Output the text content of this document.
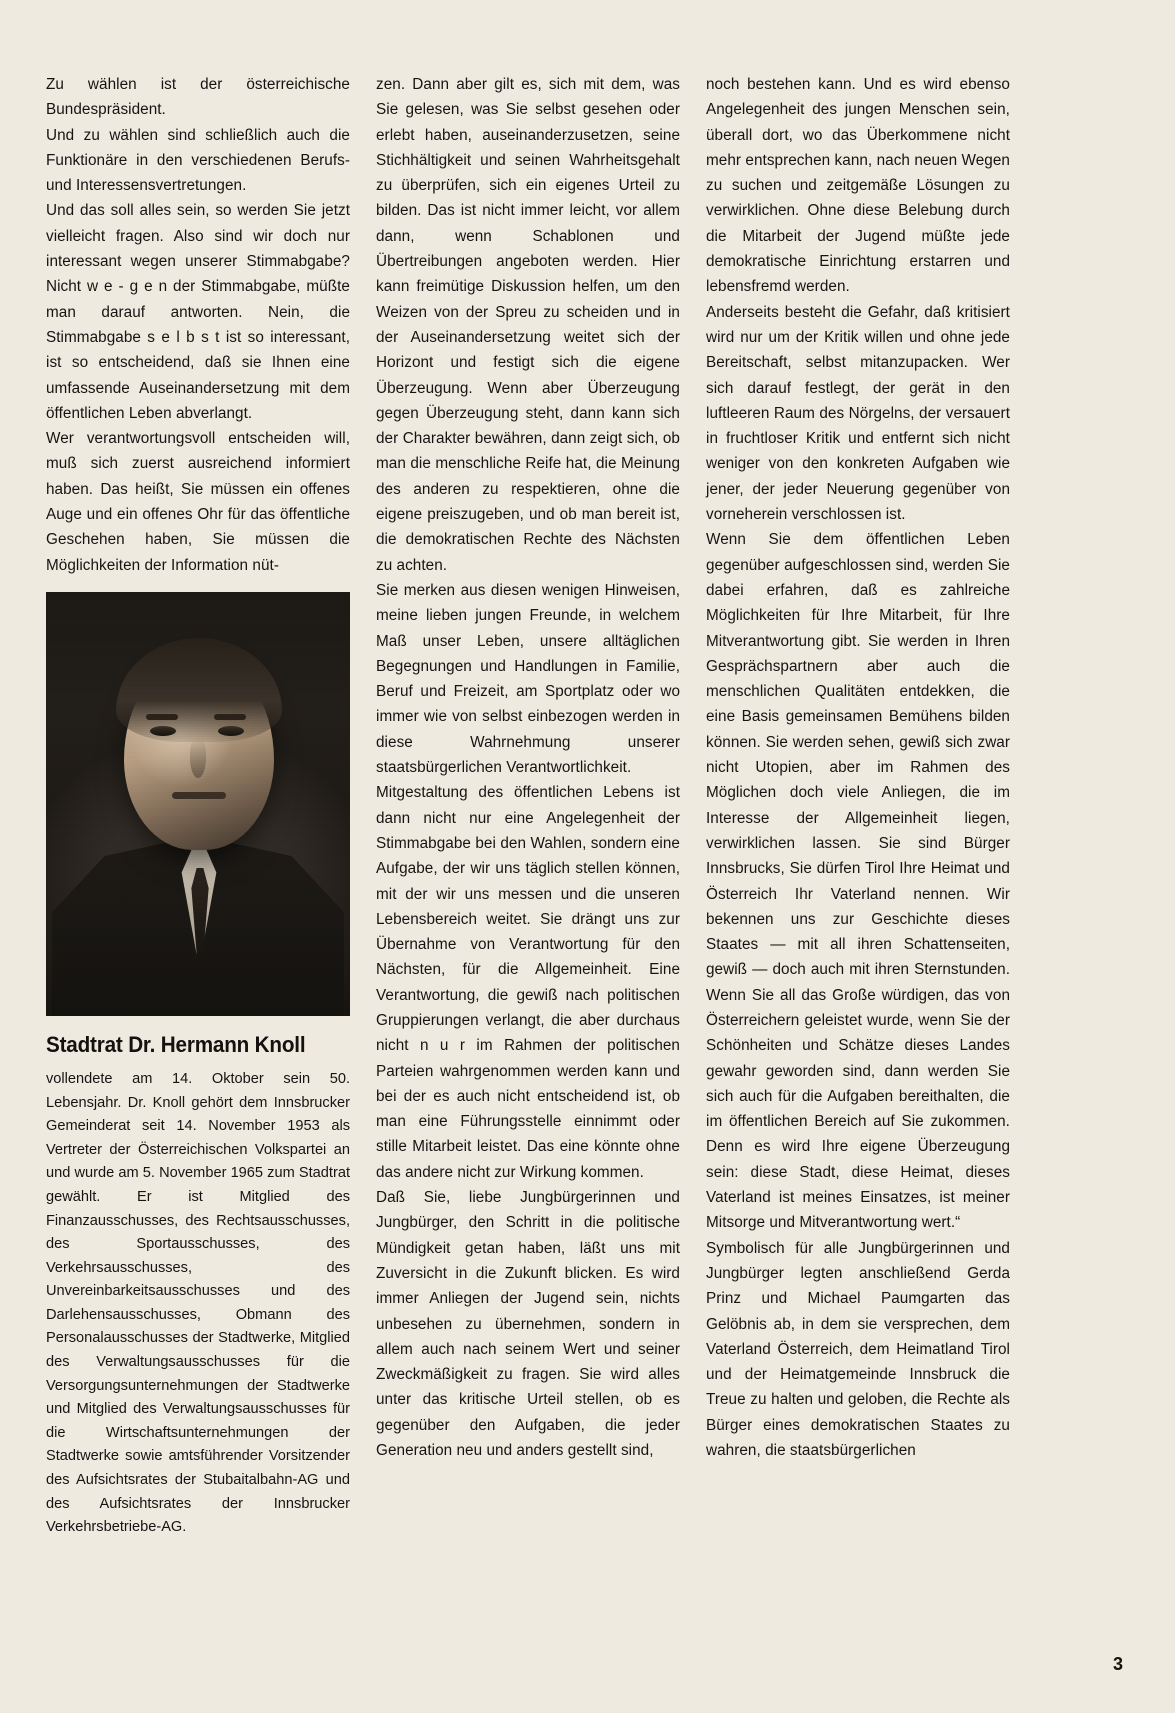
Zu wählen ist der österreichische Bundespräsident.

Und zu wählen sind schließlich auch die Funktionäre in den verschiedenen Berufs- und Interessensvertretungen.

Und das soll alles sein, so werden Sie jetzt vielleicht fragen. Also sind wir doch nur interessant wegen unserer Stimmabgabe? Nicht w e - g e n der Stimmabgabe, müßte man darauf antworten. Nein, die Stimmabgabe s e l b s t ist so interessant, ist so entscheidend, daß sie Ihnen eine umfassende Auseinandersetzung mit dem öffentlichen Leben abverlangt.

Wer verantwortungsvoll entscheiden will, muß sich zuerst ausreichend informiert haben. Das heißt, Sie müssen ein offenes Auge und ein offenes Ohr für das öffentliche Geschehen haben, Sie müssen die Möglichkeiten der Information nüt-

Stadtrat Dr. Hermann Knoll

vollendete am 14. Oktober sein 50. Lebensjahr. Dr. Knoll gehört dem Innsbrucker Gemeinderat seit 14. November 1953 als Vertreter der Österreichischen Volkspartei an und wurde am 5. November 1965 zum Stadtrat gewählt. Er ist Mitglied des Finanzausschusses, des Rechtsausschusses, des Sportausschusses, des Verkehrsausschusses, des Unvereinbarkeitsausschusses und des Darlehensausschusses, Obmann des Personalausschusses der Stadtwerke, Mitglied des Verwaltungsausschusses für die Versorgungsunternehmungen der Stadtwerke und Mitglied des Verwaltungsausschusses für die Wirtschaftsunternehmungen der Stadtwerke sowie amtsführender Vorsitzender des Aufsichtsrates der Stubaitalbahn-AG und des Aufsichtsrates der Innsbrucker Verkehrsbetriebe-AG.

zen. Dann aber gilt es, sich mit dem, was Sie gelesen, was Sie selbst gesehen oder erlebt haben, auseinanderzusetzen, seine Stichhältigkeit und seinen Wahrheitsgehalt zu überprüfen, sich ein eigenes Urteil zu bilden. Das ist nicht immer leicht, vor allem dann, wenn Schablonen und Übertreibungen angeboten werden. Hier kann freimütige Diskussion helfen, um den Weizen von der Spreu zu scheiden und in der Auseinandersetzung weitet sich der Horizont und festigt sich die eigene Überzeugung. Wenn aber Überzeugung gegen Überzeugung steht, dann kann sich der Charakter bewähren, dann zeigt sich, ob man die menschliche Reife hat, die Meinung des anderen zu respektieren, ohne die eigene preiszugeben, und ob man bereit ist, die demokratischen Rechte des Nächsten zu achten.

Sie merken aus diesen wenigen Hinweisen, meine lieben jungen Freunde, in welchem Maß unser Leben, unsere alltäglichen Begegnungen und Handlungen in Familie, Beruf und Freizeit, am Sportplatz oder wo immer wie von selbst einbezogen werden in diese Wahrnehmung unserer staatsbürgerlichen Verantwortlichkeit.

Mitgestaltung des öffentlichen Lebens ist dann nicht nur eine Angelegenheit der Stimmabgabe bei den Wahlen, sondern eine Aufgabe, der wir uns täglich stellen können, mit der wir uns messen und die unseren Lebensbereich weitet. Sie drängt uns zur Übernahme von Verantwortung für den Nächsten, für die Allgemeinheit. Eine Verantwortung, die gewiß nach politischen Gruppierungen verlangt, die aber durchaus nicht n u r im Rahmen der politischen Parteien wahrgenommen werden kann und bei der es auch nicht entscheidend ist, ob man eine Führungsstelle einnimmt oder stille Mitarbeit leistet. Das eine könnte ohne das andere nicht zur Wirkung kommen.

Daß Sie, liebe Jungbürgerinnen und Jungbürger, den Schritt in die politische Mündigkeit getan haben, läßt uns mit Zuversicht in die Zukunft blicken. Es wird immer Anliegen der Jugend sein, nichts unbesehen zu übernehmen, sondern in allem auch nach seinem Wert und seiner Zweckmäßigkeit zu fragen. Sie wird alles unter das kritische Urteil stellen, ob es gegenüber den Aufgaben, die jeder Generation neu und anders gestellt sind,

noch bestehen kann. Und es wird ebenso Angelegenheit des jungen Menschen sein, überall dort, wo das Überkommene nicht mehr entsprechen kann, nach neuen Wegen zu suchen und zeitgemäße Lösungen zu verwirklichen. Ohne diese Belebung durch die Mitarbeit der Jugend müßte jede demokratische Einrichtung erstarren und lebensfremd werden.

Anderseits besteht die Gefahr, daß kritisiert wird nur um der Kritik willen und ohne jede Bereitschaft, selbst mitanzupacken. Wer sich darauf festlegt, der gerät in den luftleeren Raum des Nörgelns, der versauert in fruchtloser Kritik und entfernt sich nicht weniger von den konkreten Aufgaben wie jener, der jeder Neuerung gegenüber von vorneherein verschlossen ist.

Wenn Sie dem öffentlichen Leben gegenüber aufgeschlossen sind, werden Sie dabei erfahren, daß es zahlreiche Möglichkeiten für Ihre Mitarbeit, für Ihre Mitverantwortung gibt. Sie werden in Ihren Gesprächspartnern aber auch die menschlichen Qualitäten entdekken, die eine Basis gemeinsamen Bemühens bilden können. Sie werden sehen, gewiß sich zwar nicht Utopien, aber im Rahmen des Möglichen doch viele Anliegen, die im Interesse der Allgemeinheit liegen, verwirklichen lassen. Sie sind Bürger Innsbrucks, Sie dürfen Tirol Ihre Heimat und Österreich Ihr Vaterland nennen. Wir bekennen uns zur Geschichte dieses Staates — mit all ihren Schattenseiten, gewiß — doch auch mit ihren Sternstunden. Wenn Sie all das Große würdigen, das von Österreichern geleistet wurde, wenn Sie der Schönheiten und Schätze dieses Landes gewahr geworden sind, dann werden Sie sich auch für die Aufgaben bereithalten, die im öffentlichen Bereich auf Sie zukommen. Denn es wird Ihre eigene Überzeugung sein: diese Stadt, diese Heimat, dieses Vaterland ist meines Einsatzes, ist meiner Mitsorge und Mitverantwortung wert.“

Symbolisch für alle Jungbürgerinnen und Jungbürger legten anschließend Gerda Prinz und Michael Paumgarten das Gelöbnis ab, in dem sie versprechen, dem Vaterland Österreich, dem Heimatland Tirol und der Heimatgemeinde Innsbruck die Treue zu halten und geloben, die Rechte als Bürger eines demokratischen Staates zu wahren, die staatsbürgerlichen

3
